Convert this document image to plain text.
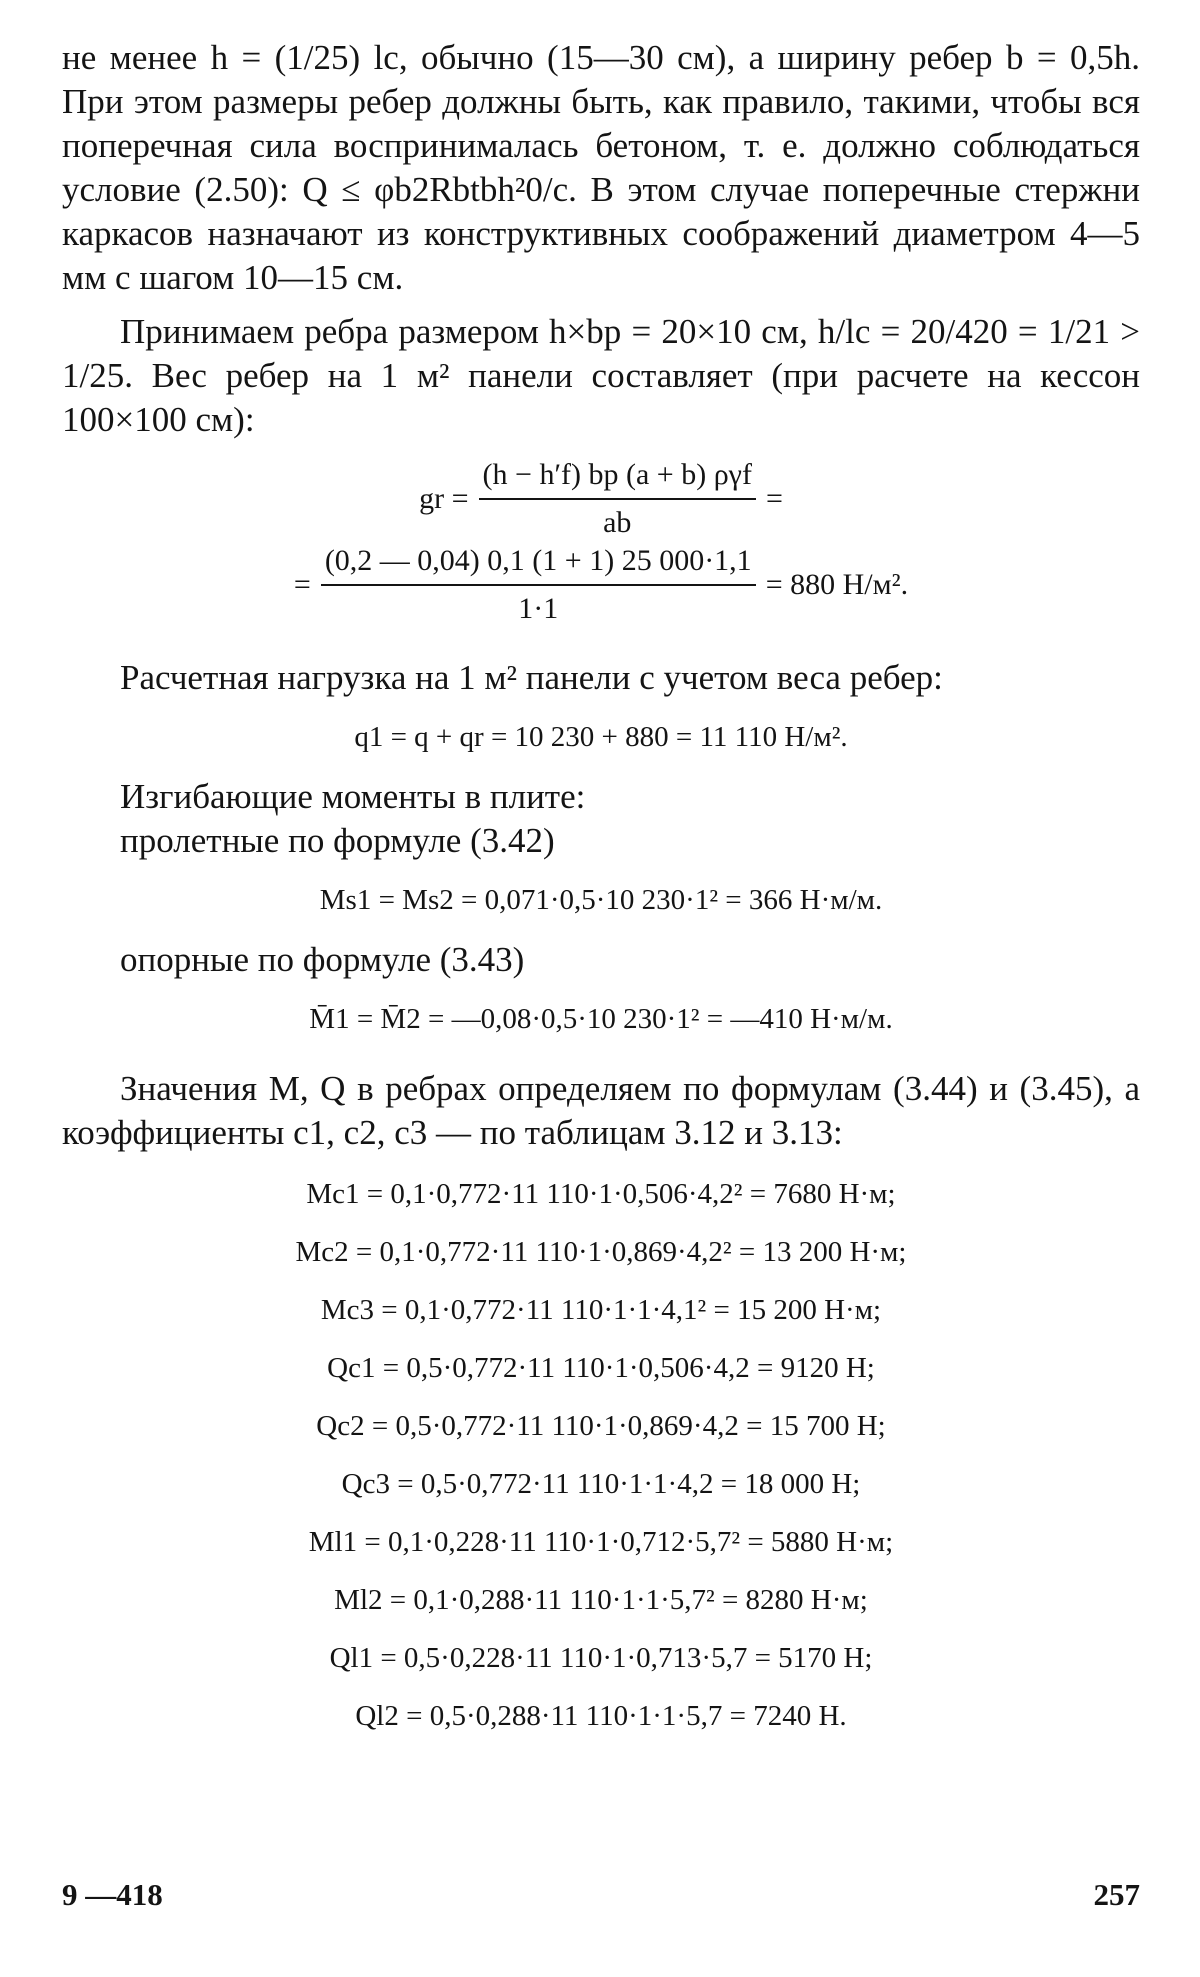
не менее h = (1/25) lc, обычно (15—30 см), а ширину ребер b = 0,5h. При этом размеры ребер должны быть, как правило, такими, чтобы вся поперечная сила воспринималась бетоном, т. е. должно соблюдаться условие (2.50): Q ≤ φb2Rbtbh²0/c. В этом случае поперечные стержни каркасов назначают из конструктивных соображений диаметром 4—5 мм с шагом 10—15 см.

Принимаем ребра размером h×bp = 20×10 см, h/lc = 20/420 = 1/21 > 1/25. Вес ребер на 1 м² панели составляет (при расчете на кессон 100×100 см):

gr = $\frac{\text{(h − h′f) bp (a + b) ργf}}{ab}$ =

= $\frac{(0,2 — 0,04) 0,1 (1 + 1) 25 000\cdot 1,1}{1\cdot 1} = 880$ Н/м².

Расчетная нагрузка на 1 м² панели с учетом веса ребер:

q1 = q + qr = 10 230 + 880 = 11 110 Н/м².

Изгибающие моменты в плите:

пролетные по формуле (3.42)

Ms1 = Ms2 = 0,071·0,5·10 230·1² = 366 Н·м/м.

опорные по формуле (3.43)

M̄1 = M̄2 = —0,08·0,5·10 230·1² = —410 Н·м/м.

Значения M, Q в ребрах определяем по формулам (3.44) и (3.45), а коэффициенты c1, c2, c3 — по таблицам 3.12 и 3.13:

Mc1 = 0,1·0,772·11 110·1·0,506·4,2² = 7680 Н·м;

Mc2 = 0,1·0,772·11 110·1·0,869·4,2² = 13 200 Н·м;

Mc3 = 0,1·0,772·11 110·1·1·4,1² = 15 200 Н·м;

Qc1 = 0,5·0,772·11 110·1·0,506·4,2 = 9120 Н;

Qc2 = 0,5·0,772·11 110·1·0,869·4,2 = 15 700 Н;

Qc3 = 0,5·0,772·11 110·1·1·4,2 = 18 000 Н;

Ml1 = 0,1·0,228·11 110·1·0,712·5,7² = 5880 Н·м;

Ml2 = 0,1·0,288·11 110·1·1·5,7² = 8280 Н·м;

Ql1 = 0,5·0,228·11 110·1·0,713·5,7 = 5170 Н;

Ql2 = 0,5·0,288·11 110·1·1·5,7 = 7240 Н.

9 —418	257
